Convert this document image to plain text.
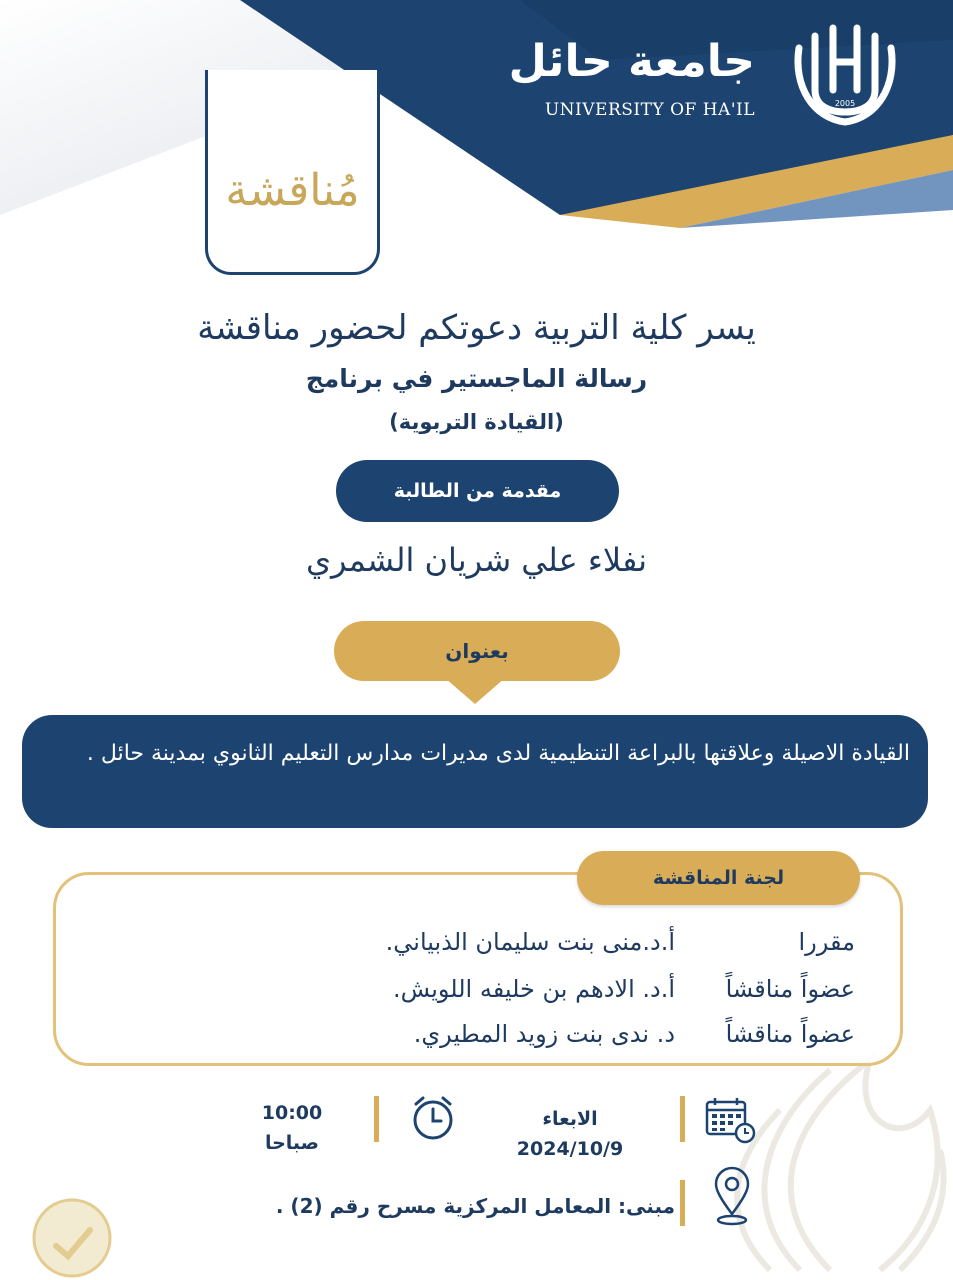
جامعة حائل
UNIVERSITY OF HA'IL	2005
مُناقشة
يسر كلية التربية دعوتكم لحضور مناقشة
رسالة الماجستير في برنامج
(القيادة التربوية)
مقدمة من الطالبة
نفلاء علي شريان الشمري
بعنوان
القيادة الاصيلة وعلاقتها بالبراعة التنظيمية لدى مديرات مدارس التعليم الثانوي بمدينة حائل .
لجنة المناقشة
مقررا
أ.د.منى بنت سليمان الذبياني.
عضواً مناقشاً
أ.د. الادهم بن خليفه اللويش.
عضواً مناقشاً
د. ندى بنت زويد المطيري.
10:00
صباحا
الابعاء
2024/10/9
مبنى: المعامل المركزية مسرح رقم (2) .
